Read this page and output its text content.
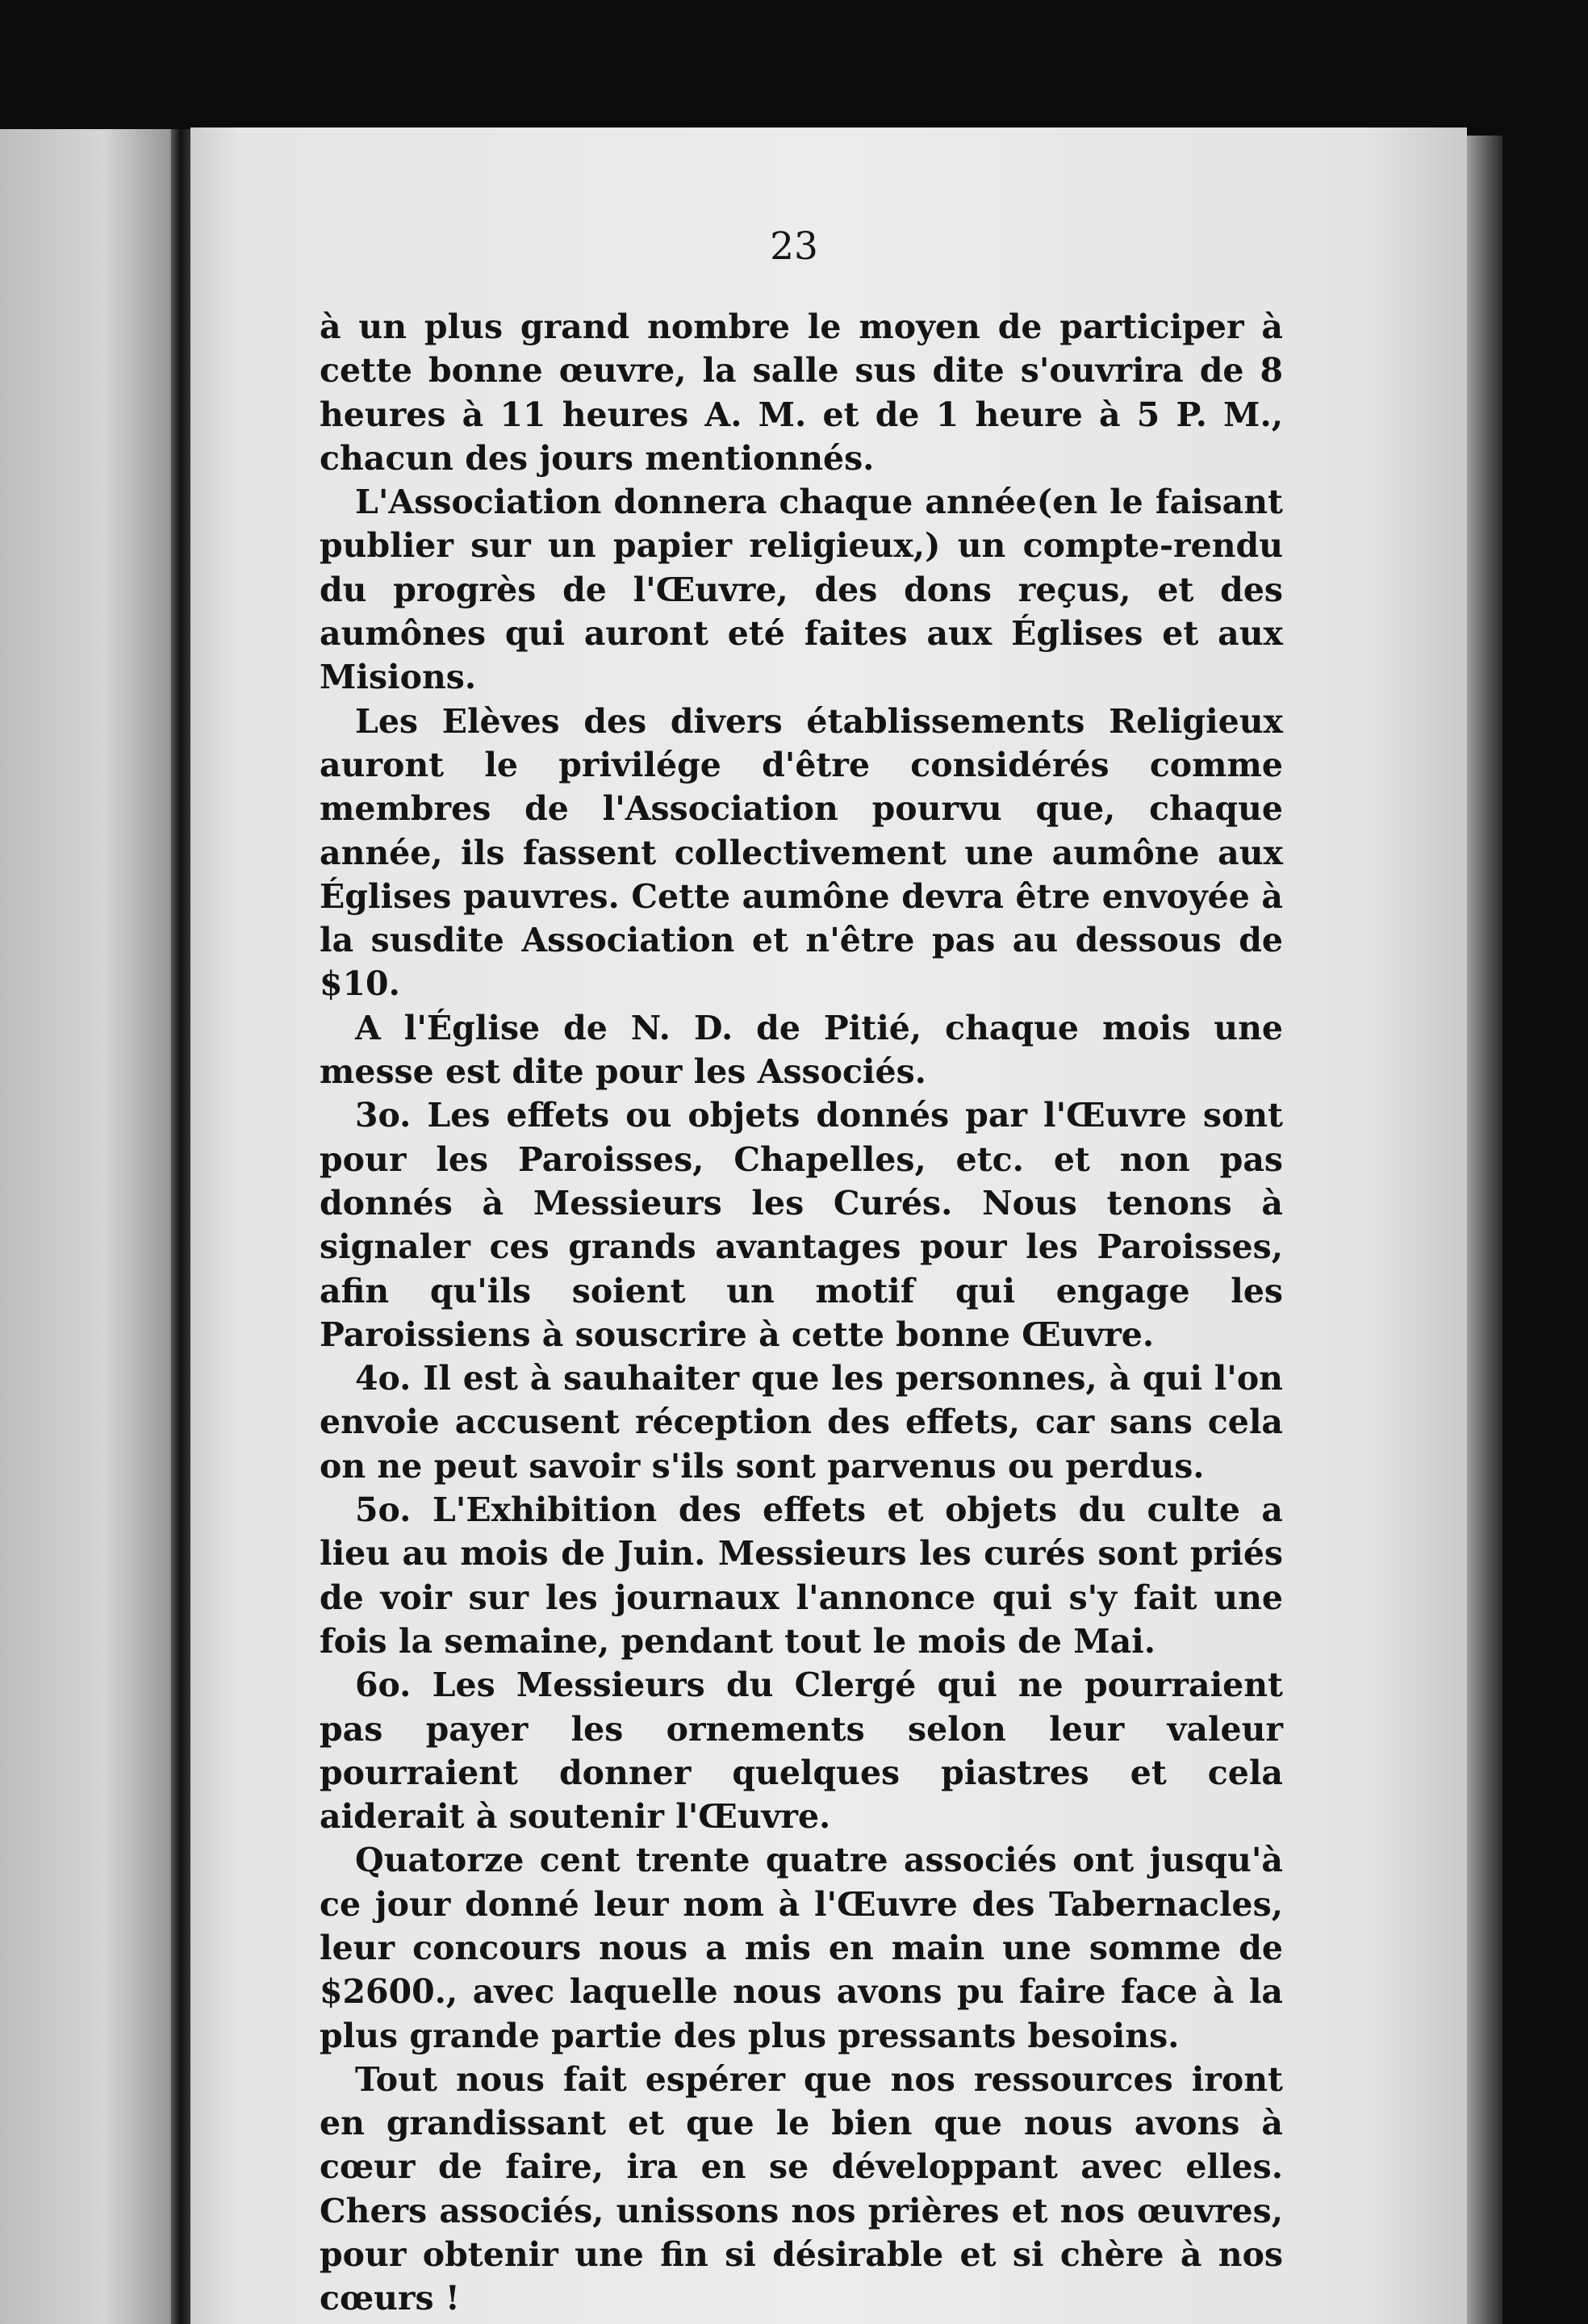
23

à un plus grand nombre le moyen de participer à cette bonne œuvre, la salle sus dite s'ouvrira de 8 heures à 11 heures A. M. et de 1 heure à 5 P. M., chacun des jours mentionnés.

L'Association donnera chaque année(en le faisant publier sur un papier religieux,) un compte-rendu du progrès de l'Œuvre, des dons reçus, et des aumônes qui auront eté faites aux Églises et aux Misions.

Les Elèves des divers établissements Religieux auront le privilége d'être considérés comme membres de l'Association pourvu que, chaque année, ils fassent collectivement une aumône aux Églises pauvres. Cette aumône devra être envoyée à la susdite Association et n'être pas au dessous de $10.

A l'Église de N. D. de Pitié, chaque mois une messe est dite pour les Associés.

3o. Les effets ou objets donnés par l'Œuvre sont pour les Paroisses, Chapelles, etc. et non pas donnés à Messieurs les Curés. Nous tenons à signaler ces grands avantages pour les Paroisses, afin qu'ils soient un motif qui engage les Paroissiens à souscrire à cette bonne Œuvre.

4o. Il est à sauhaiter que les personnes, à qui l'on envoie accusent réception des effets, car sans cela on ne peut savoir s'ils sont parvenus ou perdus.

5o. L'Exhibition des effets et objets du culte a lieu au mois de Juin. Messieurs les curés sont priés de voir sur les journaux l'annonce qui s'y fait une fois la semaine, pendant tout le mois de Mai.

6o. Les Messieurs du Clergé qui ne pourraient pas payer les ornements selon leur valeur pourraient donner quelques piastres et cela aiderait à soutenir l'Œuvre.

Quatorze cent trente quatre associés ont jusqu'à ce jour donné leur nom à l'Œuvre des Tabernacles, leur concours nous a mis en main une somme de $2600., avec laquelle nous avons pu faire face à la plus grande partie des plus pressants besoins.

Tout nous fait espérer que nos ressources iront en grandissant et que le bien que nous avons à cœur de faire, ira en se développant avec elles. Chers associés, unissons nos prières et nos œuvres, pour obtenir une fin si désirable et si chère à nos cœurs !
